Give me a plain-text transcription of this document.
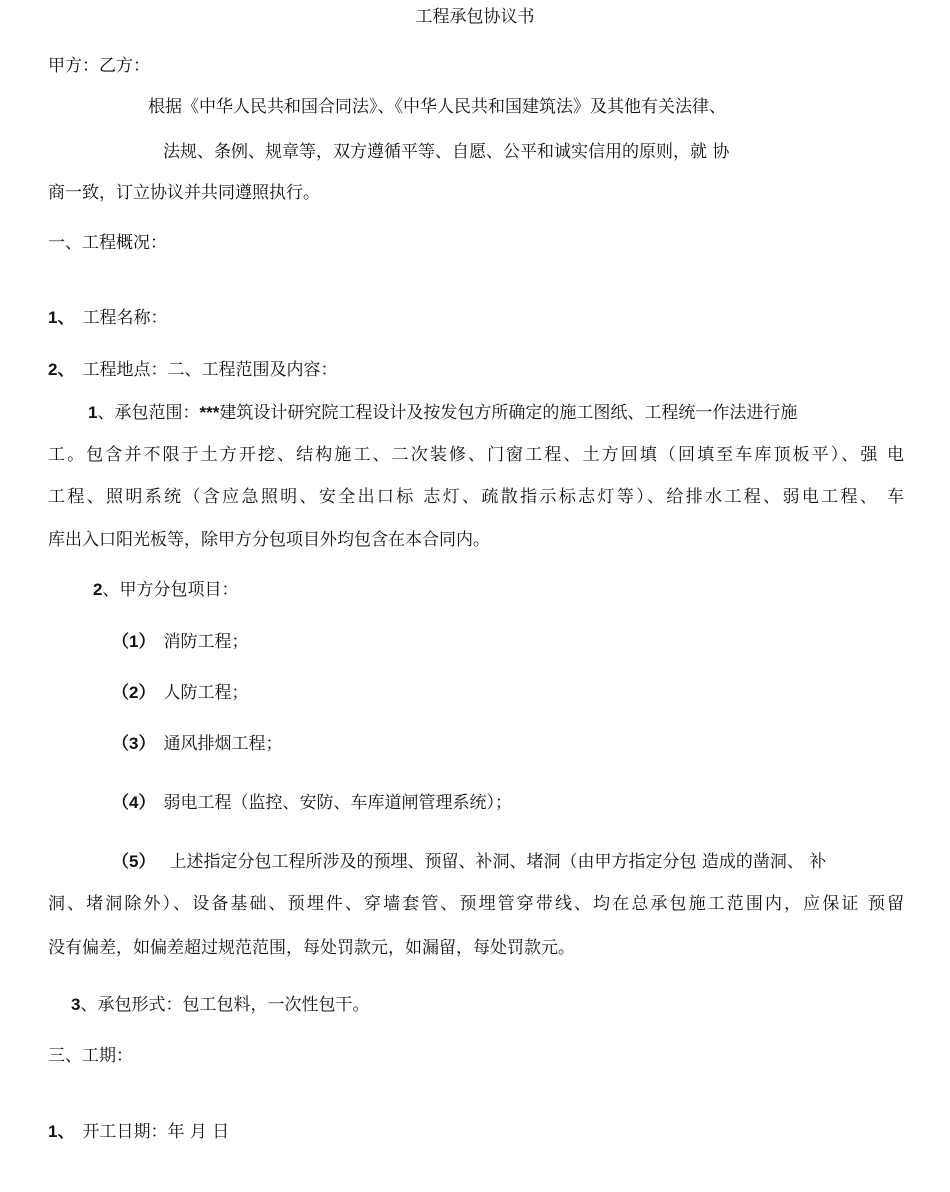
工程承包协议书
甲方：乙方：
根据《中华人民共和国合同法》、《中华人民共和国建筑法》及其他有关法律、
法规、条例、规章等，双方遵循平等、自愿、公平和诚实信用的原则，就 协
商一致，订立协议并共同遵照执行。
一、工程概况：
1、 工程名称：
2、 工程地点：二、工程范围及内容：
1、承包范围：***建筑设计研究院工程设计及按发包方所确定的施工图纸、工程统一作法进行施
工。包含并不限于土方开挖、结构施工、二次装修、门窗工程、土方回填（回填至车库顶板平）、强 电
工程、照明系统（含应急照明、安全出口标 志灯、疏散指示标志灯等）、给排水工程、弱电工程、 车
库出入口阳光板等，除甲方分包项目外均包含在本合同内。
2、甲方分包项目：
（1） 消防工程；
（2） 人防工程；
（3） 通风排烟工程；
（4） 弱电工程（监控、安防、车库道闸管理系统）；
（5） 上述指定分包工程所涉及的预埋、预留、补洞、堵洞（由甲方指定分包 造成的凿洞、 补
洞、堵洞除外）、设备基础、预埋件、穿墙套管、预埋管穿带线、均在总承包施工范围内，应保证 预留
没有偏差，如偏差超过规范范围，每处罚款元，如漏留，每处罚款元。
3、承包形式：包工包料，一次性包干。
三、工期：
1、 开工日期：年 月 日
